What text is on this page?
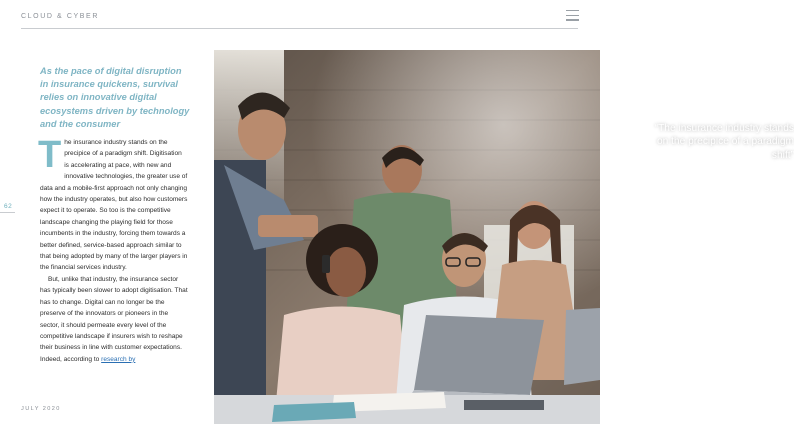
CLOUD & CYBER
62
As the pace of digital disruption in insurance quickens, survival relies on innovative digital ecosystems driven by technology and the consumer

The insurance industry stands on the precipice of a paradigm shift. Digitisation is accelerating at pace, with new and innovative technologies, the greater use of data and a mobile-first approach not only changing how the industry operates, but also how customers expect it to operate. So too is the competitive landscape changing the playing field for those incumbents in the industry, forcing them towards a better defined, service-based approach similar to that being adopted by many of the larger players in the financial services industry.

But, unlike that industry, the insurance sector has typically been slower to adopt digitisation. That has to change. Digital can no longer be the preserve of the innovators or pioneers in the sector, it should permeate every level of the competitive landscape if insurers wish to reshape their business in line with customer expectations. Indeed, according to research by

JULY 2020
“The insurance industry stands on the precipice of a paradigm shift”
